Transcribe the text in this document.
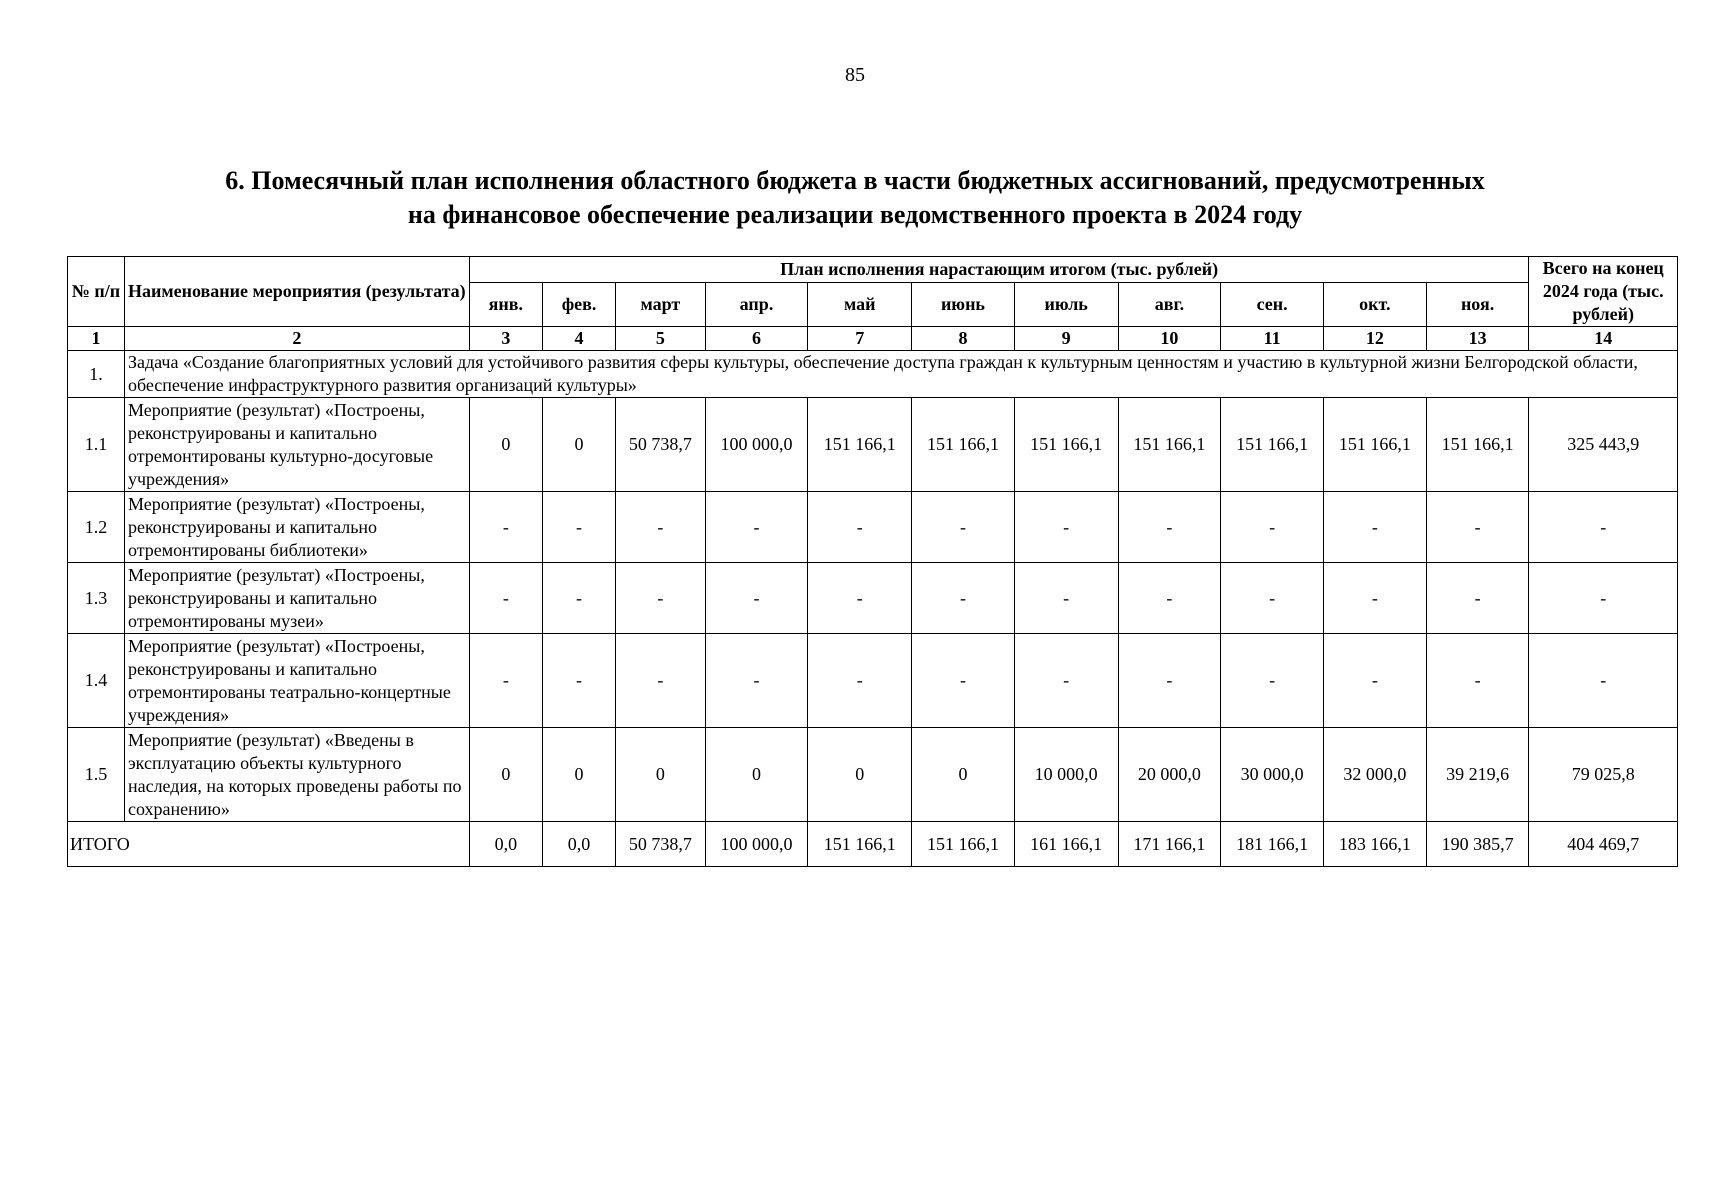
85
6. Помесячный план исполнения областного бюджета в части бюджетных ассигнований, предусмотренных
на финансовое обеспечение реализации ведомственного проекта в 2024 году
№ п/п	Наименование мероприятия (результата)	План исполнения нарастающим итогом (тыс. рублей)											Всего на конец 2024 года (тыс. рублей)
		янв.	фев.	март	апр.	май	июнь	июль	авг.	сен.	окт.	ноя.	
1	2	3	4	5	6	7	8	9	10	11	12	13	14
1.	Задача «Создание благоприятных условий для устойчивого развития сферы культуры, обеспечение доступа граждан к культурным ценностям и участию в культурной жизни Белгородской области, обеспечение инфраструктурного развития организаций культуры»												
1.1	Мероприятие (результат) «Построены, реконструированы и капитально отремонтированы культурно-досуговые учреждения»	0	0	50 738,7	100 000,0	151 166,1	151 166,1	151 166,1	151 166,1	151 166,1	151 166,1	151 166,1	325 443,9
1.2	Мероприятие (результат) «Построены, реконструированы и капитально отремонтированы библиотеки»	-	-	-	-	-	-	-	-	-	-	-	-
1.3	Мероприятие (результат) «Построены, реконструированы и капитально отремонтированы музеи»	-	-	-	-	-	-	-	-	-	-	-	-
1.4	Мероприятие (результат) «Построены, реконструированы и капитально отремонтированы театрально-концертные учреждения»	-	-	-	-	-	-	-	-	-	-	-	-
1.5	Мероприятие (результат) «Введены в эксплуатацию объекты культурного наследия, на которых проведены работы по сохранению»	0	0	0	0	0	0	10 000,0	20 000,0	30 000,0	32 000,0	39 219,6	79 025,8
ИТОГО		0,0	0,0	50 738,7	100 000,0	151 166,1	151 166,1	161 166,1	171 166,1	181 166,1	183 166,1	190 385,7	404 469,7
